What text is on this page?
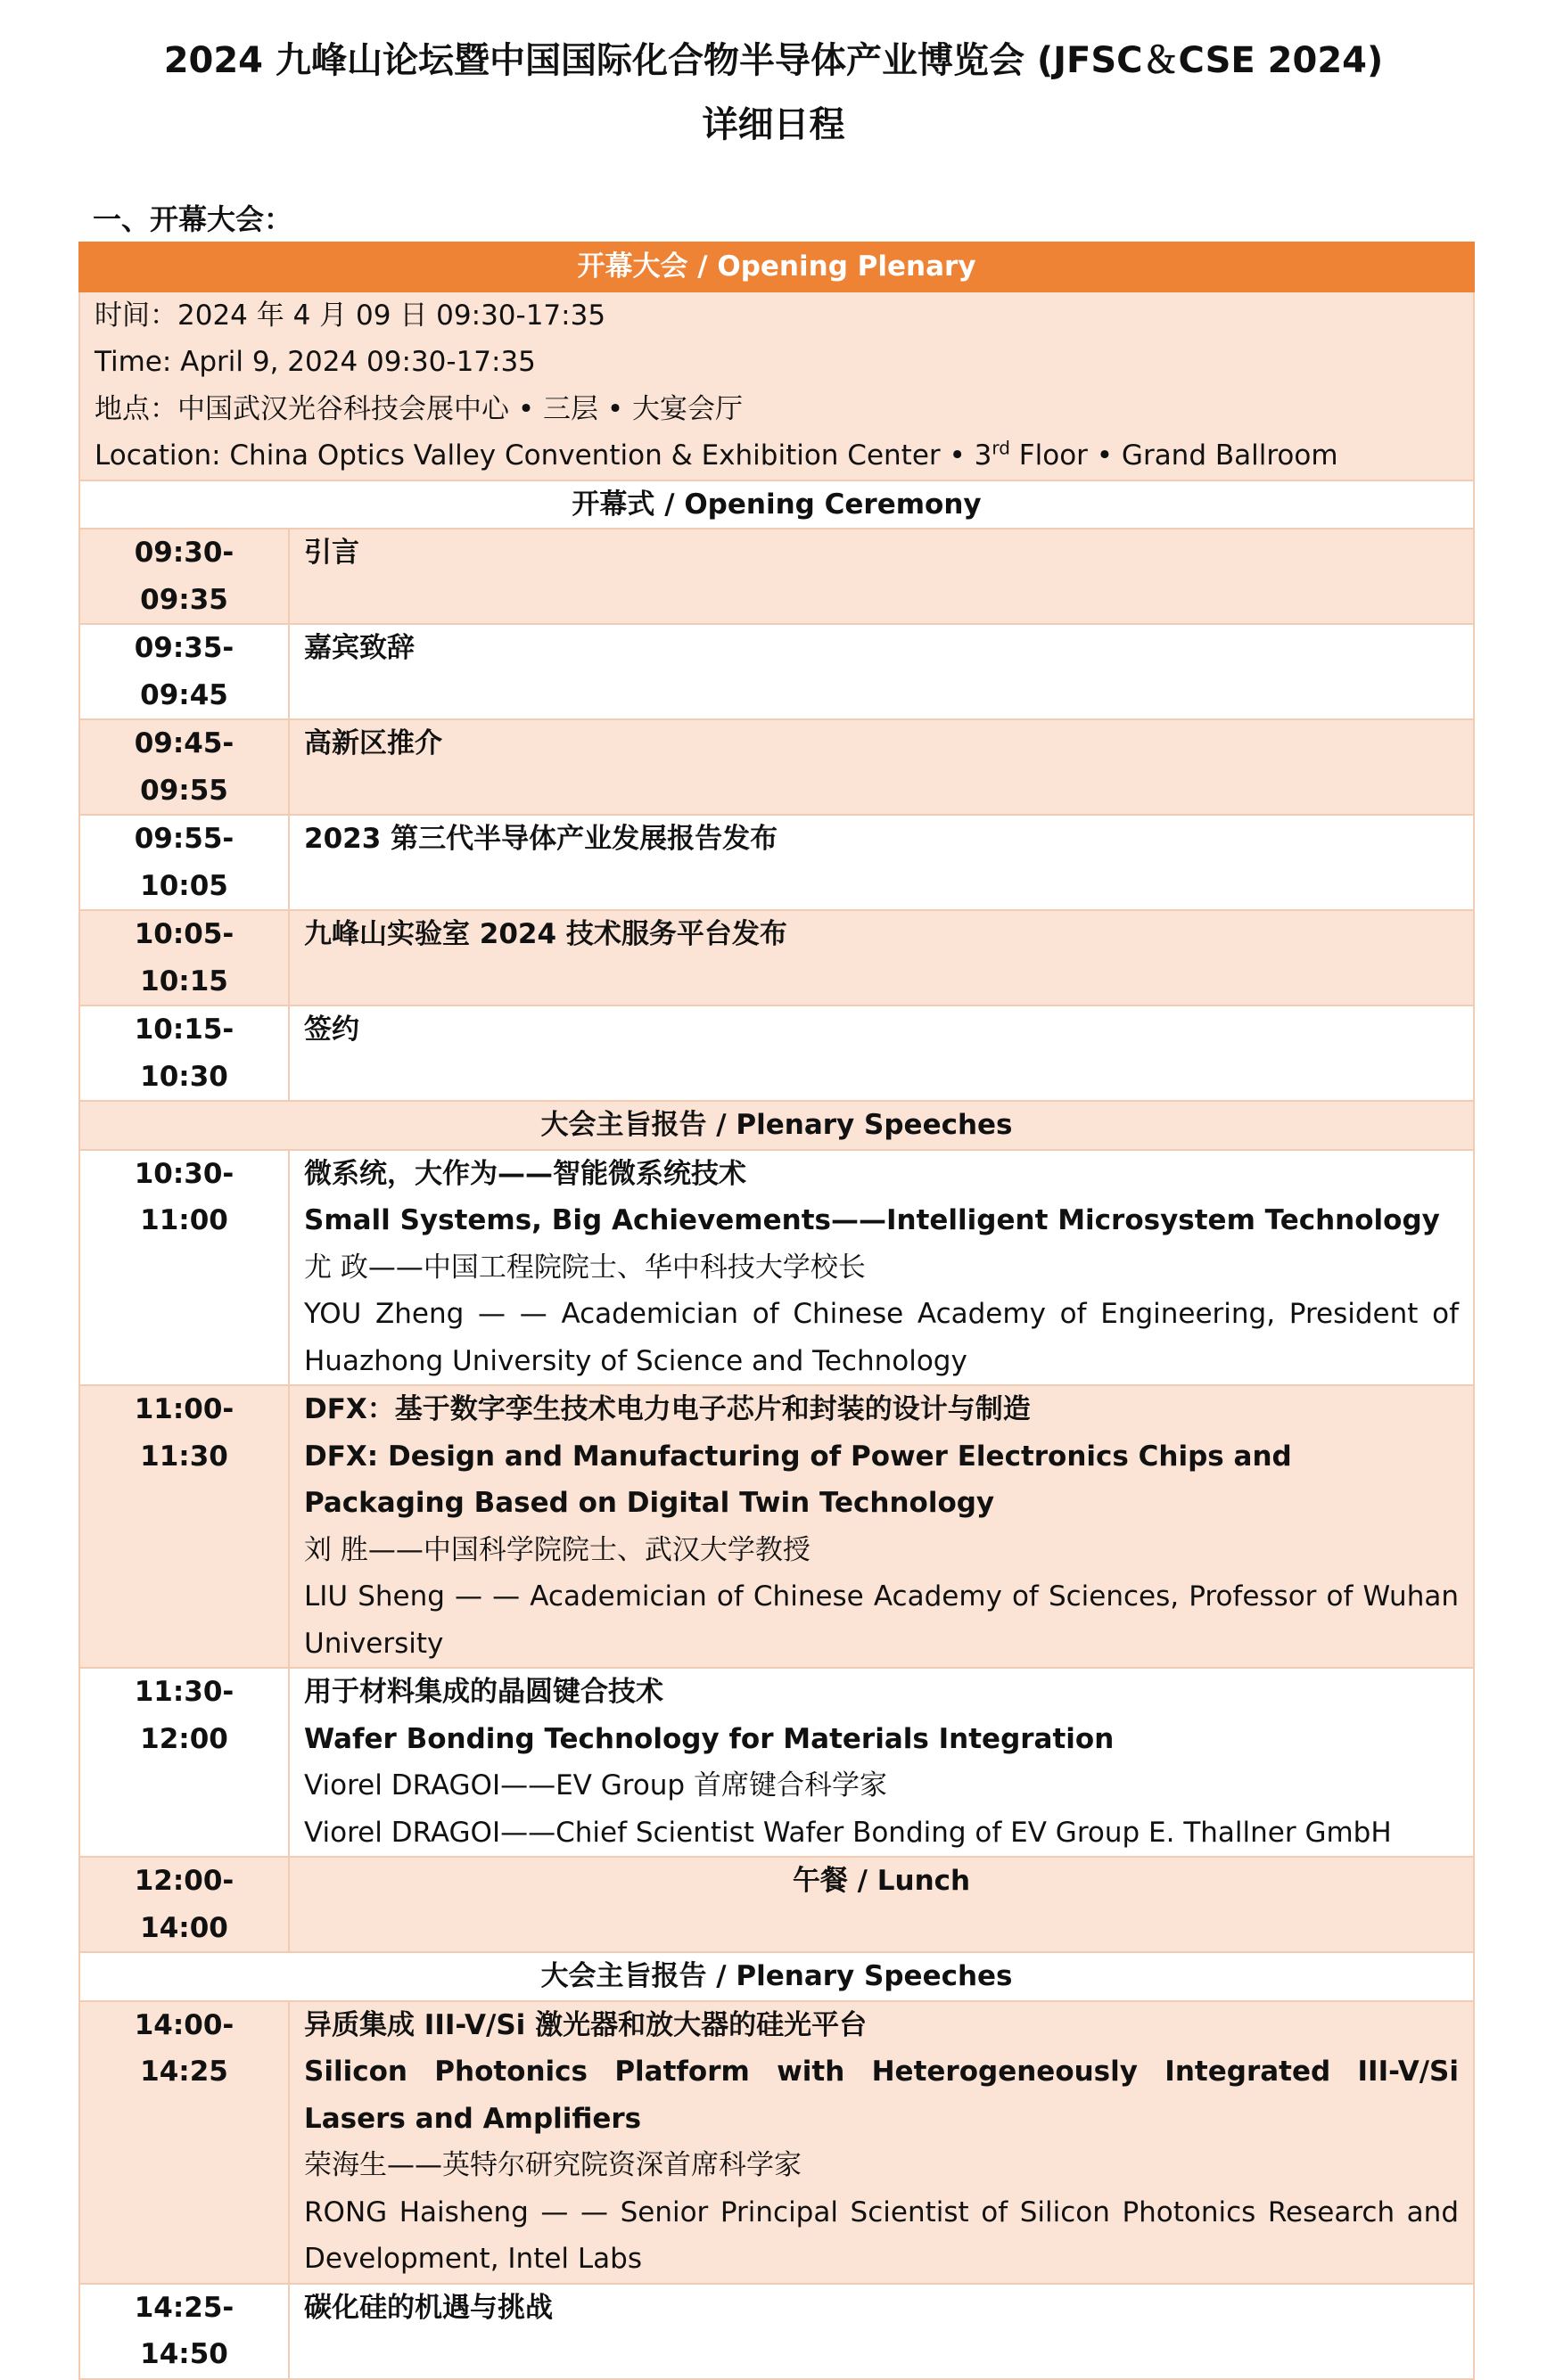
2024 九峰山论坛暨中国国际化合物半导体产业博览会 (JFSC＆CSE 2024)
详细日程
一、开幕大会：
开幕大会 / Opening Plenary	

时间：2024 年 4 月 09 日 09:30-17:35
Time: April 9, 2024 09:30-17:35
地点：中国武汉光谷科技会展中心 • 三层 • 大宴会厅
Location: China Optics Valley Convention & Exhibition Center • 3rd Floor • Grand Ballroom	

开幕式 / Opening Ceremony	
09:30-09:35	引言
09:35-09:45	嘉宾致辞
09:45-09:55	高新区推介
09:55-10:05	2023 第三代半导体产业发展报告发布
10:05-10:15	九峰山实验室 2024 技术服务平台发布
10:15-10:30	签约
大会主旨报告 / Plenary Speeches	
10:30-11:00	微系统，大作为——智能微系统技术
Small Systems, Big Achievements——Intelligent Microsystem Technology
尤 政——中国工程院院士、华中科技大学校长
YOU Zheng — — Academician of Chinese Academy of Engineering, President of Huazhong University of Science and Technology

11:00-11:30	DFX：基于数字孪生技术电力电子芯片和封装的设计与制造
DFX: Design and Manufacturing of Power Electronics Chips and Packaging Based on Digital Twin Technology
刘 胜——中国科学院院士、武汉大学教授
LIU Sheng — — Academician of Chinese Academy of Sciences, Professor of Wuhan University

11:30-12:00	用于材料集成的晶圆键合技术
Wafer Bonding Technology for Materials Integration
Viorel DRAGOI——EV Group 首席键合科学家
Viorel DRAGOI——Chief Scientist Wafer Bonding of EV Group E. Thallner GmbH

12:00-14:00	午餐 / Lunch
大会主旨报告 / Plenary Speeches	
14:00-14:25	异质集成 III-V/Si 激光器和放大器的硅光平台
Silicon Photonics Platform with Heterogeneously Integrated III-V/Si Lasers and Amplifiers
荣海生——英特尔研究院资深首席科学家
RONG Haisheng — — Senior Principal Scientist of Silicon Photonics Research and Development, Intel Labs

14:25-14:50	碳化硅的机遇与挑战
